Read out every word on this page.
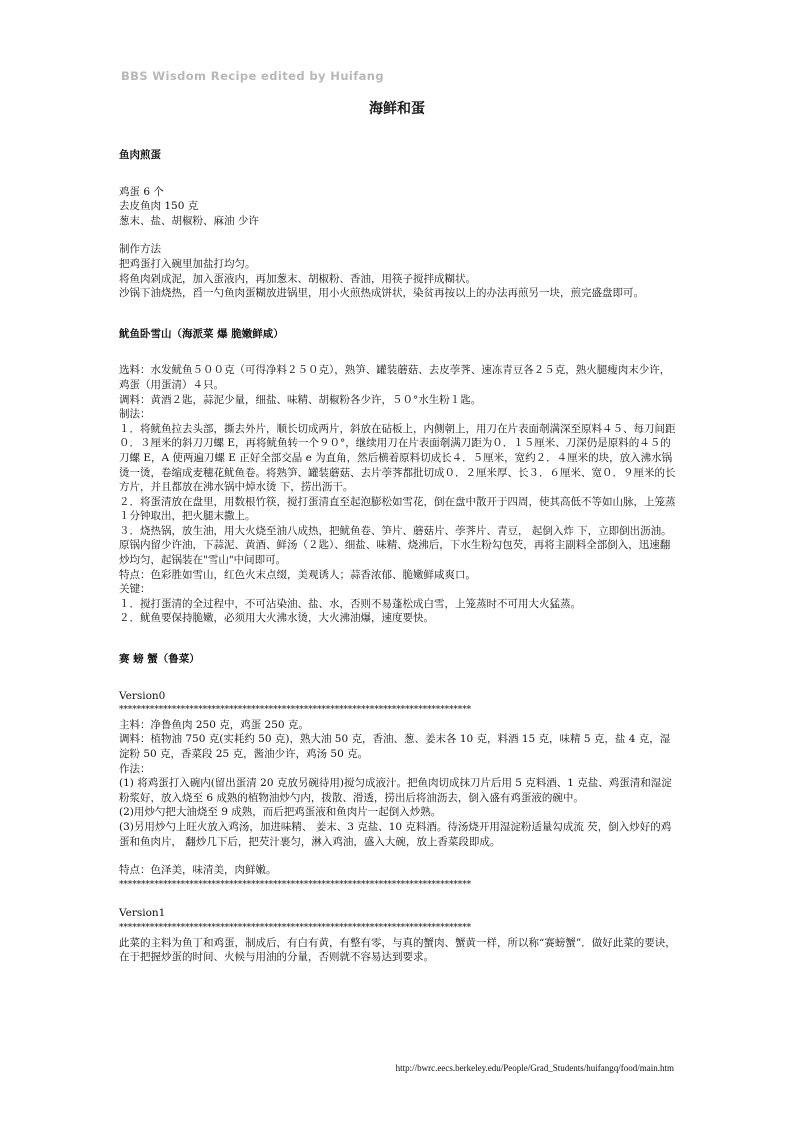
BBS Wisdom Recipe edited by Huifang
海鲜和蛋

鱼肉煎蛋

鸡蛋 6 个

去皮鱼肉 150 克

葱末、盐、胡椒粉、麻油 少许

制作方法

把鸡蛋打入碗里加盐打均匀。

将鱼肉剁成泥，加入蛋液内，再加葱末、胡椒粉、香油，用筷子搅拌成糊状。

沙锅下油烧热，舀一勺鱼肉蛋糊放进锅里，用小火煎热成饼状，染贫再按以上的办法再煎另一块，煎完盛盘即可。

鱿鱼卧雪山（海派菜 爆 脆嫩鲜咸）

选料：水发鱿鱼５００克（可得净料２５０克），熟笋、罐装蘑菇、去皮荸荠、速冻青豆各２５克，熟火腿瘦肉末少许，鸡蛋（用蛋清）４只。

调料：黄酒２匙，蒜泥少量，细盐、味精、胡椒粉各少许，５０°水生粉１匙。

制法：

１．将鱿鱼拉去头部，撕去外片，顺长切成两片，斜放在砧板上，内侧朝上，用刀在片表面剞满深至原料４５、每刀间距０．３厘米的斜刀刀螺 E，再将鱿鱼转一个９０°，继续用刀在片表面剞满刀距为０．１５厘米、刀深仍是原料的４５的刀螺 E，A 使两遍刀螺 E 正好全部交晶 e 为直角，然后横着原料切成长４．５厘米，宽约２．４厘米的块，放入沸水锅烫一烫，卷缩成麦穗花鱿鱼卷。将熟笋、罐装蘑菇、去片荸荠都批切成０．２厘米厚、长３．６厘米、宽０．９厘米的长方片，并且都放在沸水锅中焯水烫 下，捞出沥干。

２．将蛋清放在盘里，用数根竹筷，搅打蛋清直至起泡膨松如雪花，倒在盘中散开于四周，使其高低不等如山脉，上笼蒸１分钟取出，把火腿末撒上。

３．烧热锅，放生油，用大火烧至油八成热，把鱿鱼卷、笋片、蘑菇片、荸荠片、青豆， 起倒入炸 下，立即倒出沥油。原锅内留少许油，下蒜泥、黄酒、鲜汤（２匙）、细盐、味精、烧沸后，下水生粉勾包芡，再将主副料全部倒入，迅速翻炒均匀，起锅装在"雪山"中间即可。

特点：色彩胜如雪山，红色火末点缀，美观诱人；蒜香浓郁、脆嫩鲜咸爽口。

关键：

１．搅打蛋清的全过程中，不可沾染油、盐、水，否则不易蓬松成白雪，上笼蒸时不可用大火猛蒸。

２．鱿鱼要保持脆嫩，必须用大火沸水烫，大火沸油爆，速度要快。

赛 螃 蟹（鲁菜）

Version0

********************************************************************************

主料：净鲁鱼肉 250 克，鸡蛋 250 克。

调料：植物油 750 克(实耗约 50 克)，熟大油 50 克，香油、葱、姜末各 10 克，料酒 15 克，味精 5 克，盐 4 克，湿淀粉 50 克，香菜段 25 克，酱油少许，鸡汤 50 克。

作法：

(1) 将鸡蛋打入碗内(留出蛋清 20 克放另碗待用)搅匀成液汁。把鱼肉切成抹刀片后用 5 克料酒、1 克盐、鸡蛋清和湿淀粉浆好，放入烧至 6 成熟的植物油炒勺内，拨散、滑透，捞出后将油沥去，倒入盛有鸡蛋液的碗中。

(2)用炒勺把大油烧至 9 成熟，而后把鸡蛋液和鱼肉片一起倒入炒熟。

(3)另用炒勺上旺火放入鸡汤，加进味精、 姜末、3 克盐、10 克料酒。待汤烧开用湿淀粉适量勾成流 芡，倒入炒好的鸡蛋和鱼肉片， 翻炒几下后，把芡汁裹匀，淋入鸡油，盛入大碗，放上香菜段即成。

特点：色泽美，味清美，肉鲜嫩。

********************************************************************************

Version1

********************************************************************************

此菜的主料为鱼丁和鸡蛋，制成后，有白有黄，有整有零，与真的蟹肉、蟹黄一样，所以称“赛螃蟹”．做好此菜的要诀，在于把握炒蛋的时间、火候与用油的分量，否则就不容易达到要求。

http://bwrc.eecs.berkeley.edu/People/Grad_Students/huifangq/food/main.htm
